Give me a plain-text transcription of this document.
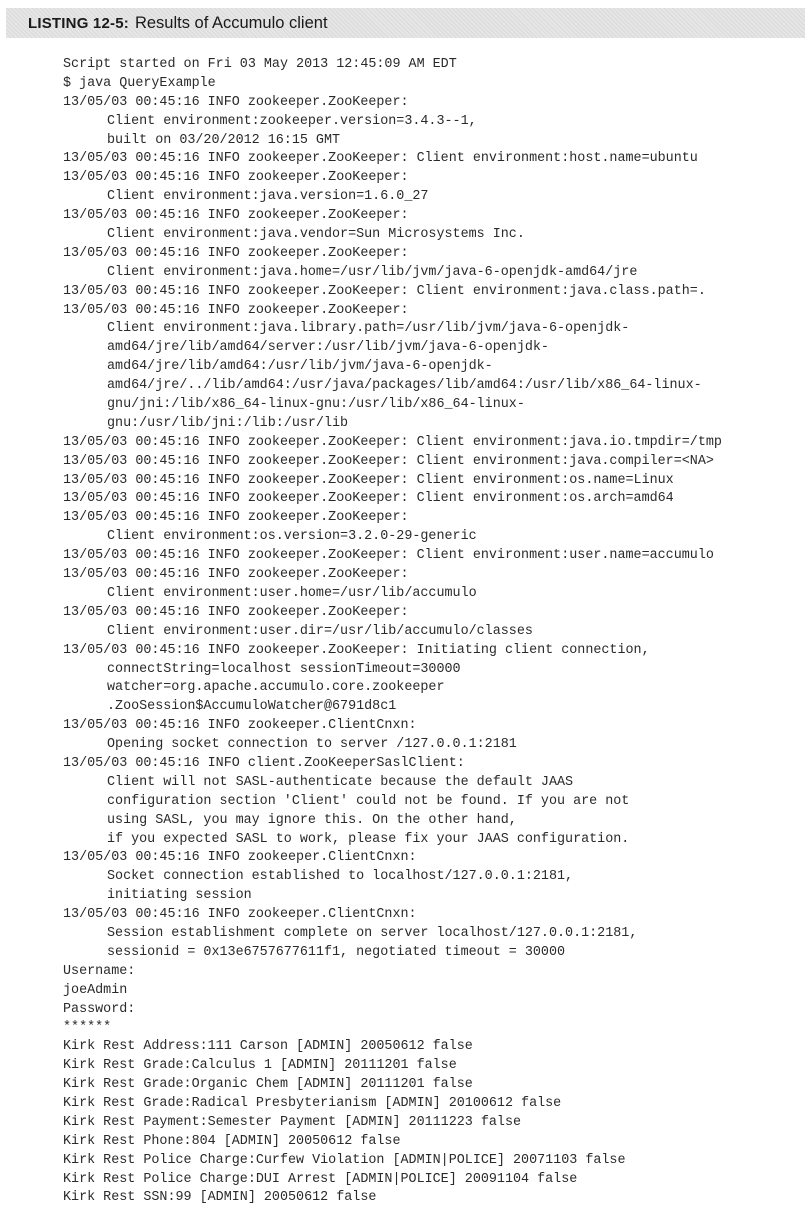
LISTING 12-5: Results of Accumulo client
Script started on Fri 03 May 2013 12:45:09 AM EDT
$ java QueryExample
13/05/03 00:45:16 INFO zookeeper.ZooKeeper:
Client environment:zookeeper.version=3.4.3--1,
built on 03/20/2012 16:15 GMT
13/05/03 00:45:16 INFO zookeeper.ZooKeeper: Client environment:host.name=ubuntu
13/05/03 00:45:16 INFO zookeeper.ZooKeeper:
Client environment:java.version=1.6.0_27
13/05/03 00:45:16 INFO zookeeper.ZooKeeper:
Client environment:java.vendor=Sun Microsystems Inc.
13/05/03 00:45:16 INFO zookeeper.ZooKeeper:
Client environment:java.home=/usr/lib/jvm/java-6-openjdk-amd64/jre
13/05/03 00:45:16 INFO zookeeper.ZooKeeper: Client environment:java.class.path=.
13/05/03 00:45:16 INFO zookeeper.ZooKeeper:
Client environment:java.library.path=/usr/lib/jvm/java-6-openjdk-
amd64/jre/lib/amd64/server:/usr/lib/jvm/java-6-openjdk-
amd64/jre/lib/amd64:/usr/lib/jvm/java-6-openjdk-
amd64/jre/../lib/amd64:/usr/java/packages/lib/amd64:/usr/lib/x86_64-linux-
gnu/jni:/lib/x86_64-linux-gnu:/usr/lib/x86_64-linux-
gnu:/usr/lib/jni:/lib:/usr/lib
13/05/03 00:45:16 INFO zookeeper.ZooKeeper: Client environment:java.io.tmpdir=/tmp
13/05/03 00:45:16 INFO zookeeper.ZooKeeper: Client environment:java.compiler=<NA>
13/05/03 00:45:16 INFO zookeeper.ZooKeeper: Client environment:os.name=Linux
13/05/03 00:45:16 INFO zookeeper.ZooKeeper: Client environment:os.arch=amd64
13/05/03 00:45:16 INFO zookeeper.ZooKeeper:
Client environment:os.version=3.2.0-29-generic
13/05/03 00:45:16 INFO zookeeper.ZooKeeper: Client environment:user.name=accumulo
13/05/03 00:45:16 INFO zookeeper.ZooKeeper:
Client environment:user.home=/usr/lib/accumulo
13/05/03 00:45:16 INFO zookeeper.ZooKeeper:
Client environment:user.dir=/usr/lib/accumulo/classes
13/05/03 00:45:16 INFO zookeeper.ZooKeeper: Initiating client connection,
connectString=localhost sessionTimeout=30000
watcher=org.apache.accumulo.core.zookeeper
.ZooSession$AccumuloWatcher@6791d8c1
13/05/03 00:45:16 INFO zookeeper.ClientCnxn:
Opening socket connection to server /127.0.0.1:2181
13/05/03 00:45:16 INFO client.ZooKeeperSaslClient:
Client will not SASL-authenticate because the default JAAS
configuration section 'Client' could not be found. If you are not
using SASL, you may ignore this. On the other hand,
if you expected SASL to work, please fix your JAAS configuration.
13/05/03 00:45:16 INFO zookeeper.ClientCnxn:
Socket connection established to localhost/127.0.0.1:2181,
initiating session
13/05/03 00:45:16 INFO zookeeper.ClientCnxn:
Session establishment complete on server localhost/127.0.0.1:2181,
sessionid = 0x13e6757677611f1, negotiated timeout = 30000
Username:
joeAdmin
Password:
******
Kirk Rest Address:111 Carson [ADMIN] 20050612 false
Kirk Rest Grade:Calculus 1 [ADMIN] 20111201 false
Kirk Rest Grade:Organic Chem [ADMIN] 20111201 false
Kirk Rest Grade:Radical Presbyterianism [ADMIN] 20100612 false
Kirk Rest Payment:Semester Payment [ADMIN] 20111223 false
Kirk Rest Phone:804 [ADMIN] 20050612 false
Kirk Rest Police Charge:Curfew Violation [ADMIN|POLICE] 20071103 false
Kirk Rest Police Charge:DUI Arrest [ADMIN|POLICE] 20091104 false
Kirk Rest SSN:99 [ADMIN] 20050612 false
